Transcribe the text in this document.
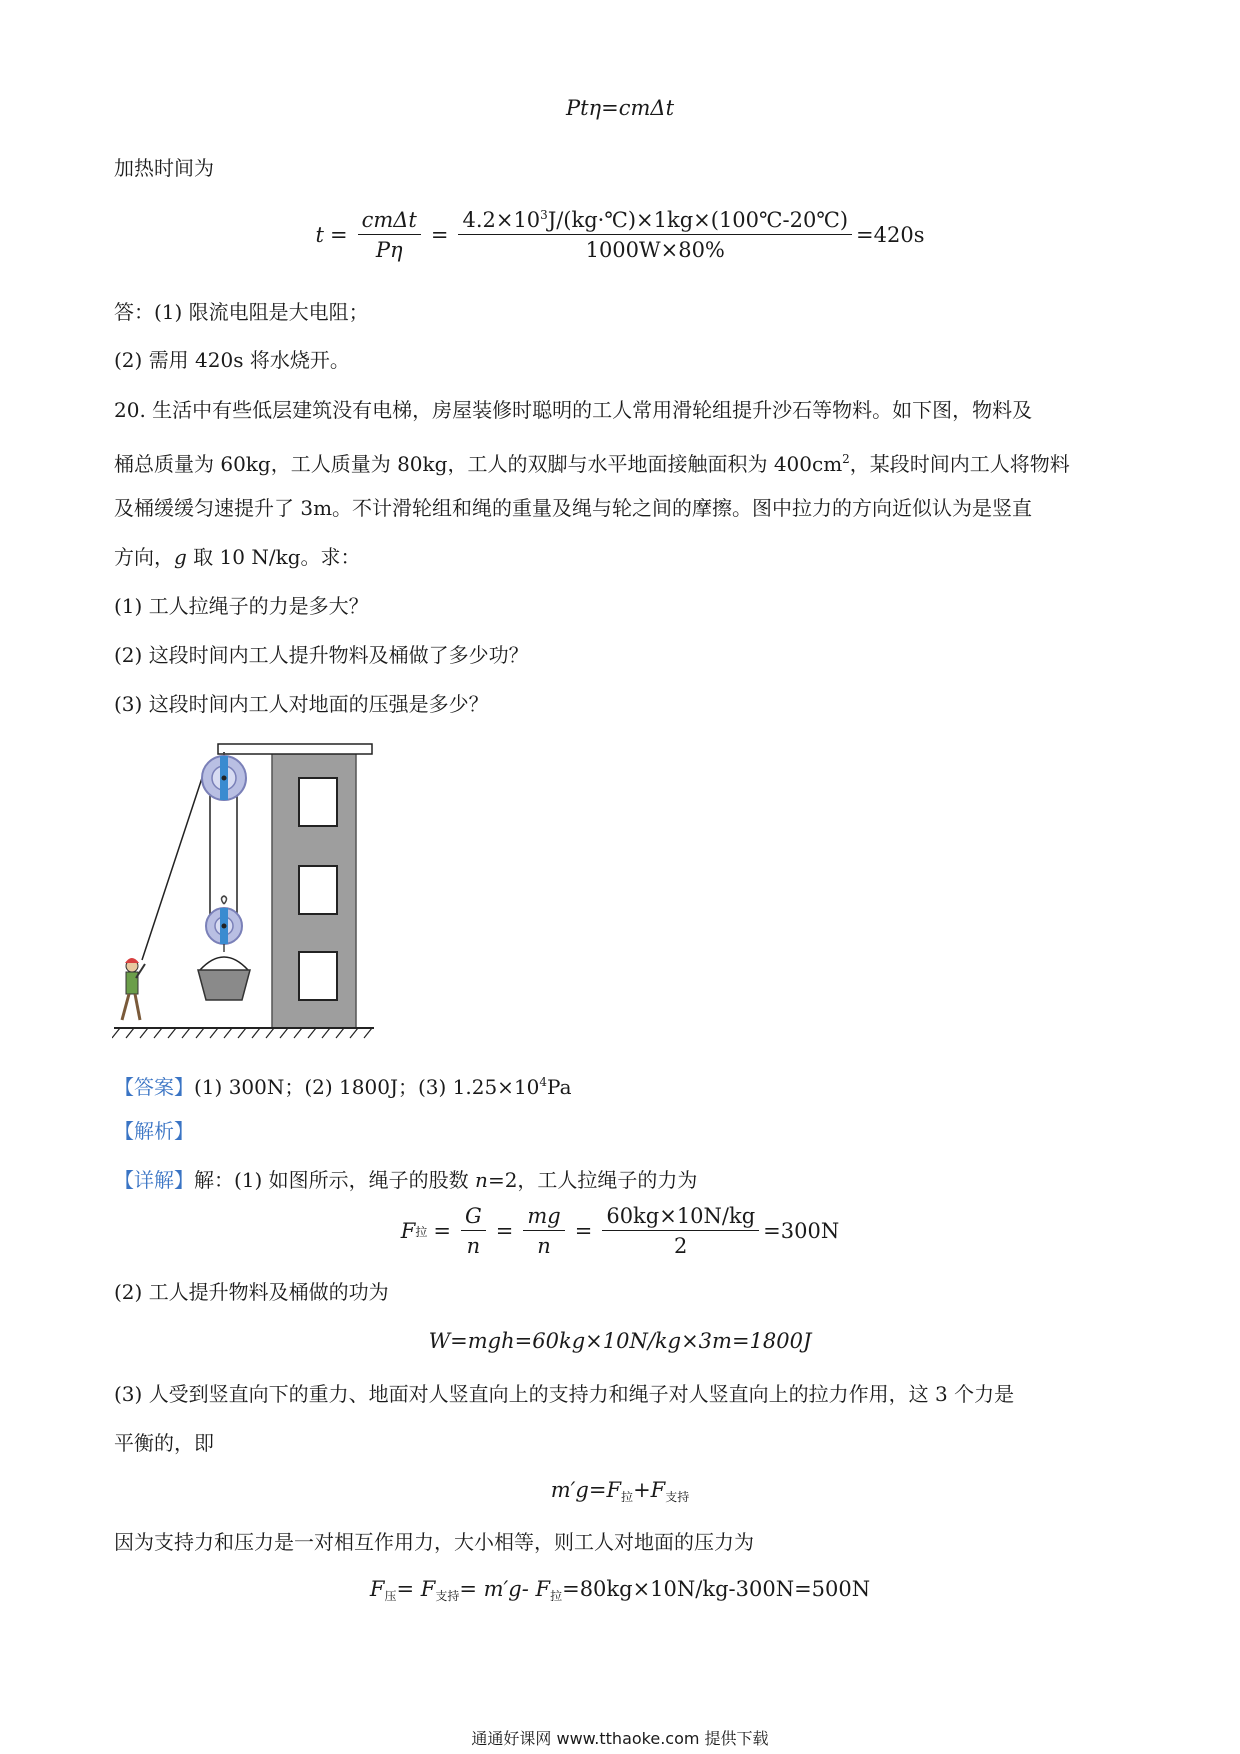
Ptη=cmΔt
加热时间为
$t = \frac{\text{cmΔt}}{P\eta} = \frac{4.2\times 10^3J/(kg\cdot℃)\times 1kg\times(100℃-20℃)}{1000W\times 80\%} =420s$
答：(1) 限流电阻是大电阻；
(2) 需用 420s 将水烧开。
20. 生活中有些低层建筑没有电梯，房屋装修时聪明的工人常用滑轮组提升沙石等物料。如下图，物料及
桶总质量为 60kg，工人质量为 80kg，工人的双脚与水平地面接触面积为 $400cm^2$，某段时间内工人将物料
及桶缓缓匀速提升了 3m。不计滑轮组和绳的重量及绳与轮之间的摩擦。图中拉力的方向近似认为是竖直
方向，g 取 10 N/kg。求：
(1) 工人拉绳子的力是多大？
(2) 这段时间内工人提升物料及桶做了多少功？
(3) 这段时间内工人对地面的压强是多少？
【答案】(1) 300N；(2) 1800J；(3) $1.25\times 10^4Pa$
【解析】
【详解】解：(1) 如图所示，绳子的股数 n=2，工人拉绳子的力为
F 拉 = $\frac{G}{n} = \frac{mg}{n} = \frac{60kg\times 10N/kg}{2} =300N$
(2) 工人提升物料及桶做的功为
W=mgh=60kg×10N/kg×3m=1800J
(3) 人受到竖直向下的重力、地面对人竖直向上的支持力和绳子对人竖直向上的拉力作用，这 3 个力是
平衡的，即
$m'g=F_拉+F_{支持}$
因为支持力和压力是一对相互作用力，大小相等，则工人对地面的压力为
$F_压= F_{支持}= m'g-$ $F_拉=80kg\times 10N/kg-300N=500N$
通通好课网 www.tthaoke.com 提供下载
